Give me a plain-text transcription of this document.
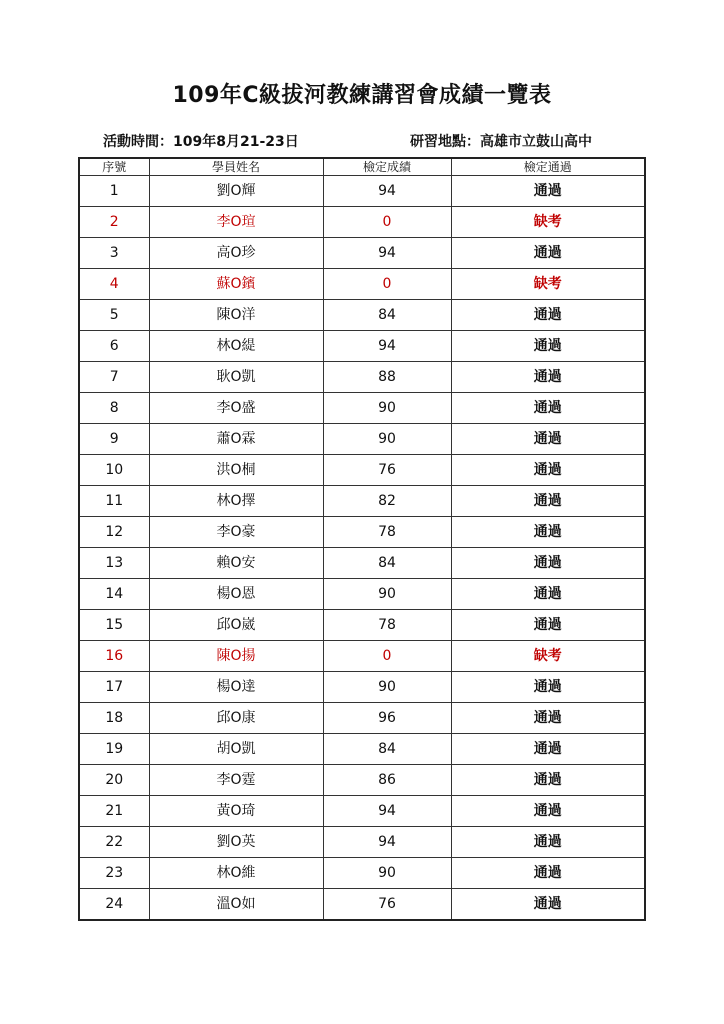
109年C級拔河教練講習會成績一覽表
活動時間：109年8月21-23日	研習地點：高雄市立鼓山高中
序號	學員姓名	檢定成績	檢定通過
1	劉O輝	94	通過
2	李O瑄	0	缺考
3	高O珍	94	通過
4	蘇O鑌	0	缺考
5	陳O洋	84	通過
6	林O緹	94	通過
7	耿O凱	88	通過
8	李O盛	90	通過
9	蕭O霖	90	通過
10	洪O桐	76	通過
11	林O擇	82	通過
12	李O豪	78	通過
13	賴O安	84	通過
14	楊O恩	90	通過
15	邱O崴	78	通過
16	陳O揚	0	缺考
17	楊O達	90	通過
18	邱O康	96	通過
19	胡O凱	84	通過
20	李O霆	86	通過
21	黃O琦	94	通過
22	劉O英	94	通過
23	林O維	90	通過
24	溫O如	76	通過
